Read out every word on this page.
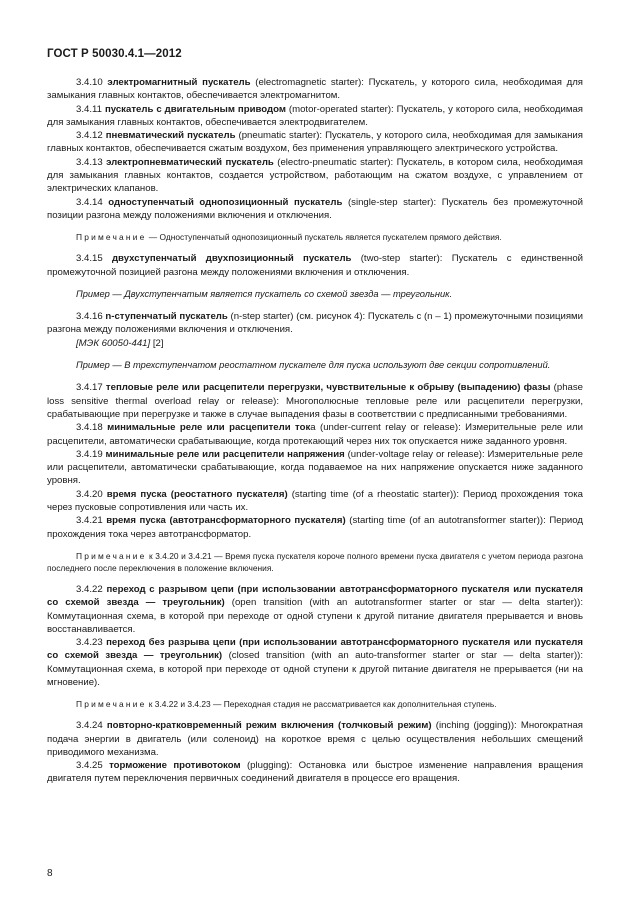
ГОСТ Р 50030.4.1—2012

3.4.10 электромагнитный пускатель (electromagnetic starter): Пускатель, у которого сила, необходимая для замыкания главных контактов, обеспечивается электромагнитом.

3.4.11 пускатель с двигательным приводом (motor-operated starter): Пускатель, у которого сила, необходимая для замыкания главных контактов, обеспечивается электродвигателем.

3.4.12 пневматический пускатель (pneumatic starter): Пускатель, у которого сила, необходимая для замыкания главных контактов, обеспечивается сжатым воздухом, без применения управляющего электрического устройства.

3.4.13 электропневматический пускатель (electro-pneumatic starter): Пускатель, в котором сила, необходимая для замыкания главных контактов, создается устройством, работающим на сжатом воздухе, с управлением от электрических клапанов.

3.4.14 одноступенчатый однопозиционный пускатель (single-step starter): Пускатель без промежуточной позиции разгона между положениями включения и отключения.

Примечание — Одноступенчатый однопозиционный пускатель является пускателем прямого действия.

3.4.15 двухступенчатый двухпозиционный пускатель (two-step starter): Пускатель с единственной промежуточной позицией разгона между положениями включения и отключения.

Пример — Двухступенчатым является пускатель со схемой звезда — треугольник.

3.4.16 n-ступенчатый пускатель (n-step starter) (см. рисунок 4): Пускатель с (n – 1) промежуточными позициями разгона между положениями включения и отключения.

[МЭК 60050-441] [2]

Пример — В трехступенчатом реостатном пускателе для пуска используют две секции сопротивлений.

3.4.17 тепловые реле или расцепители перегрузки, чувствительные к обрыву (выпадению) фазы (phase loss sensitive thermal overload relay or release): Многополюсные тепловые реле или расцепители перегрузки, срабатывающие при перегрузке и также в случае выпадения фазы в соответствии с предписанными требованиями.

3.4.18 минимальные реле или расцепители тока (under-current relay or release): Измерительные реле или расцепители, автоматически срабатывающие, когда протекающий через них ток опускается ниже заданного уровня.

3.4.19 минимальные реле или расцепители напряжения (under-voltage relay or release): Измерительные реле или расцепители, автоматически срабатывающие, когда подаваемое на них напряжение опускается ниже заданного уровня.

3.4.20 время пуска (реостатного пускателя) (starting time (of a rheostatic starter)): Период прохождения тока через пусковые сопротивления или часть их.

3.4.21 время пуска (автотрансформаторного пускателя) (starting time (of an autotransformer starter)): Период прохождения тока через автотрансформатор.

Примечание к 3.4.20 и 3.4.21 — Время пуска пускателя короче полного времени пуска двигателя с учетом периода разгона последнего после переключения в положение включения.

3.4.22 переход с разрывом цепи (при использовании автотрансформаторного пускателя или пускателя со схемой звезда — треугольник) (open transition (with an autotransformer starter or star — delta starter)): Коммутационная схема, в которой при переходе от одной ступени к другой питание двигателя прерывается и вновь восстанавливается.

3.4.23 переход без разрыва цепи (при использовании автотрансформаторного пускателя или пускателя со схемой звезда — треугольник) (closed transition (with an auto-transformer starter or star — delta starter)): Коммутационная схема, в которой при переходе от одной ступени к другой питание двигателя не прерывается (ни на мгновение).

Примечание к 3.4.22 и 3.4.23 — Переходная стадия не рассматривается как дополнительная ступень.

3.4.24 повторно-кратковременный режим включения (толчковый режим) (inching (jogging)): Многократная подача энергии в двигатель (или соленоид) на короткое время с целью осуществления небольших смещений приводимого механизма.

3.4.25 торможение противотоком (plugging): Остановка или быстрое изменение направления вращения двигателя путем переключения первичных соединений двигателя в процессе его вращения.

8
